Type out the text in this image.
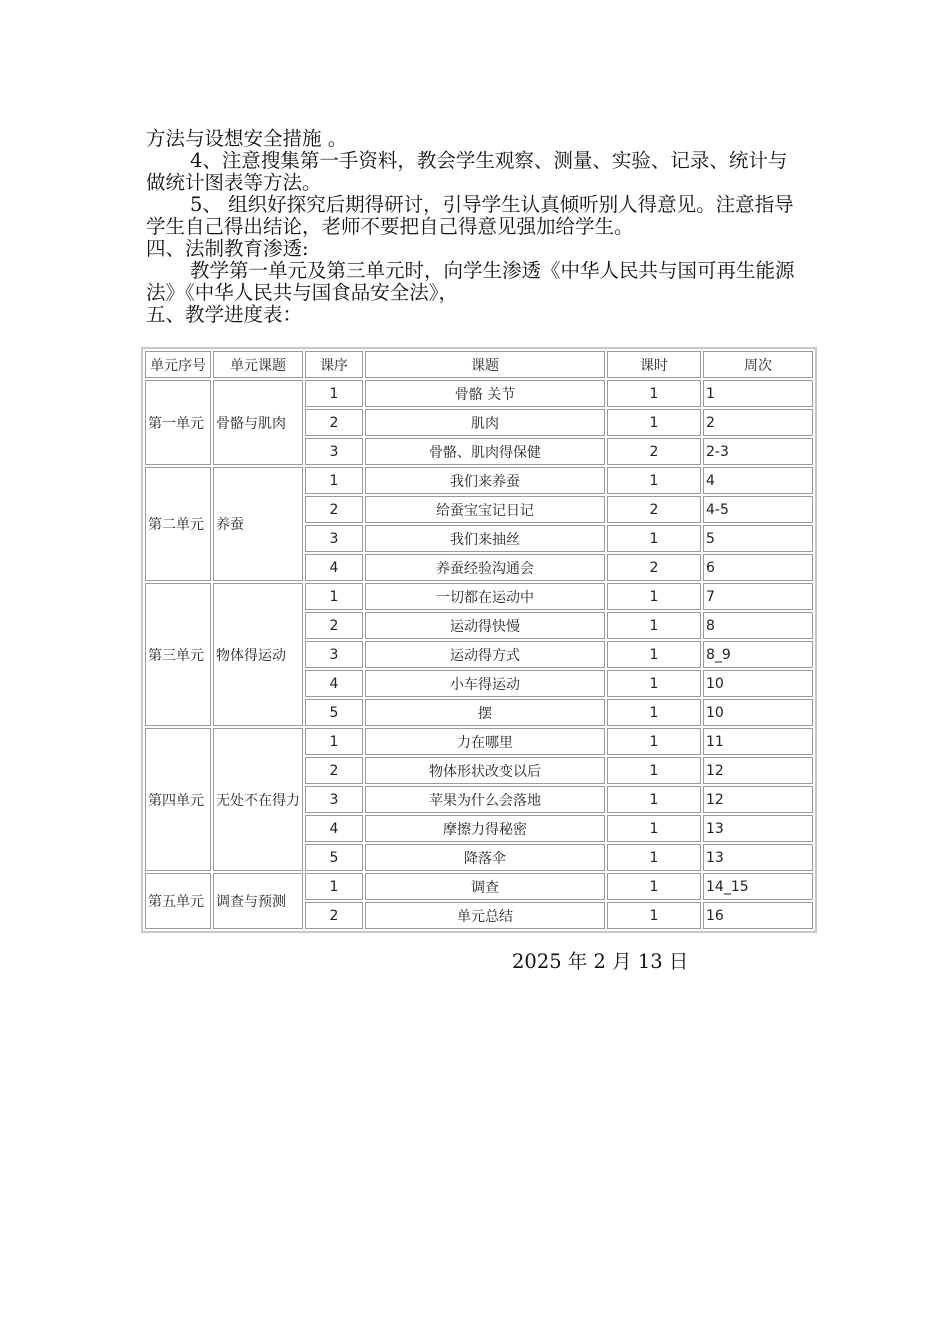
方法与设想安全措施 。

4、注意搜集第一手资料，教会学生观察、测量、实验、记录、统计与做统计图表等方法。

5、 组织好探究后期得研讨，引导学生认真倾听别人得意见。注意指导学生自己得出结论，老师不要把自己得意见强加给学生。

四、法制教育渗透:

教学第一单元及第三单元时，向学生渗透《中华人民共与国可再生能源法》《中华人民共与国食品安全法》，

五、教学进度表：

单元序号	单元课题	课序	课题	课时	周次
第一单元	骨骼与肌肉	1	骨骼 关节	1	1
		2	肌肉	1	2
		3	骨骼、肌肉得保健	2	2-3
第二单元	养蚕	1	我们来养蚕	1	4
		2	给蚕宝宝记日记	2	4-5
		3	我们来抽丝	1	5
		4	养蚕经验沟通会	2	6
第三单元	物体得运动	1	一切都在运动中	1	7
		2	运动得快慢	1	8
		3	运动得方式	1	8_9
		4	小车得运动	1	10
		5	摆	1	10
第四单元	无处不在得力	1	力在哪里	1	11
		2	物体形状改变以后	1	12
		3	苹果为什么会落地	1	12
		4	摩擦力得秘密	1	13
		5	降落伞	1	13
第五单元	调查与预测	1	调查	1	14_15
		2	单元总结	1	16
2025 年 2 月 13 日
